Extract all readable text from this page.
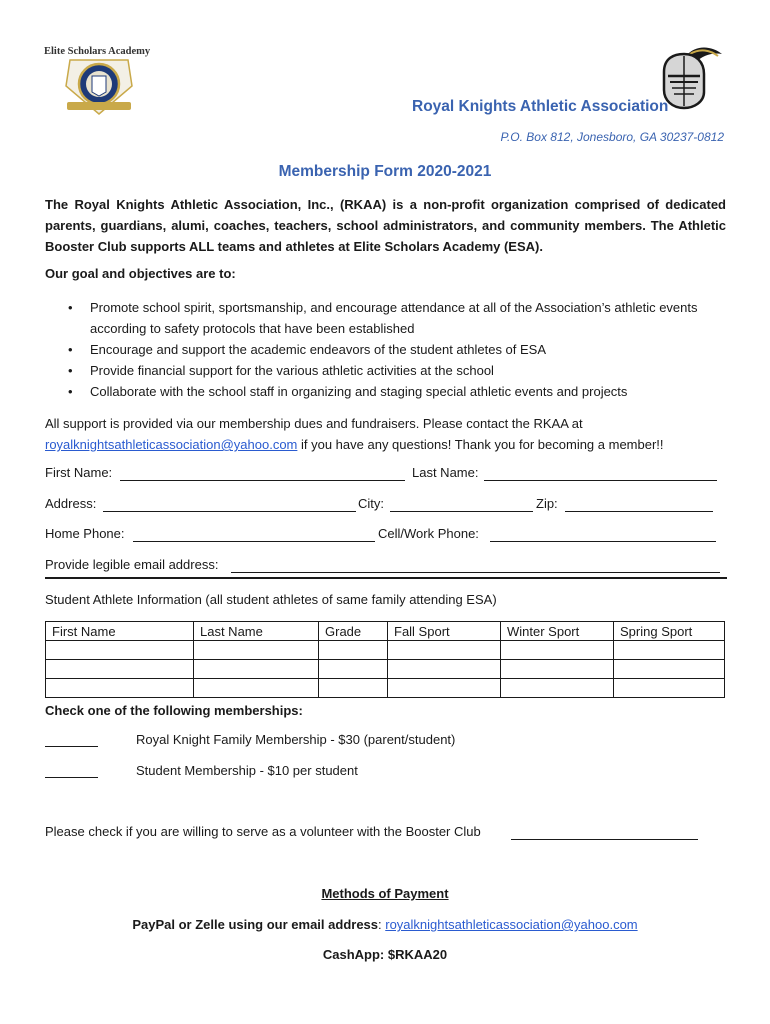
Elite Scholars Academy
Royal Knights Athletic Association
P.O. Box 812, Jonesboro, GA 30237-0812
Membership Form 2020-2021
The Royal Knights Athletic Association, Inc., (RKAA) is a non-profit organization comprised of dedicated parents, guardians, alumi, coaches, teachers, school administrators, and community members. The Athletic Booster Club supports ALL teams and athletes at Elite Scholars Academy (ESA).
Our goal and objectives are to:
• Promote school spirit, sportsmanship, and encourage attendance at all of the Association’s athletic events according to safety protocols that have been established
• Encourage and support the academic endeavors of the student athletes of ESA
• Provide financial support for the various athletic activities at the school
• Collaborate with the school staff in organizing and staging special athletic events and projects
All support is provided via our membership dues and fundraisers. Please contact the RKAA at
royalknightsathleticassociation@yahoo.com if you have any questions! Thank you for becoming a member!!
First Name:	Last Name:
Address:	City:	Zip:
Home Phone:	Cell/Work Phone:
Provide legible email address:
Student Athlete Information (all student athletes of same family attending ESA)
First Name	Last Name	Grade	Fall Sport	Winter Sport	Spring Sport

Check one of the following memberships:
Royal Knight Family Membership - $30 (parent/student)
Student Membership - $10 per student
Please check if you are willing to serve as a volunteer with the Booster Club
Methods of Payment
PayPal or Zelle using our email address: royalknightsathleticassociation@yahoo.com
CashApp: $RKAA20
